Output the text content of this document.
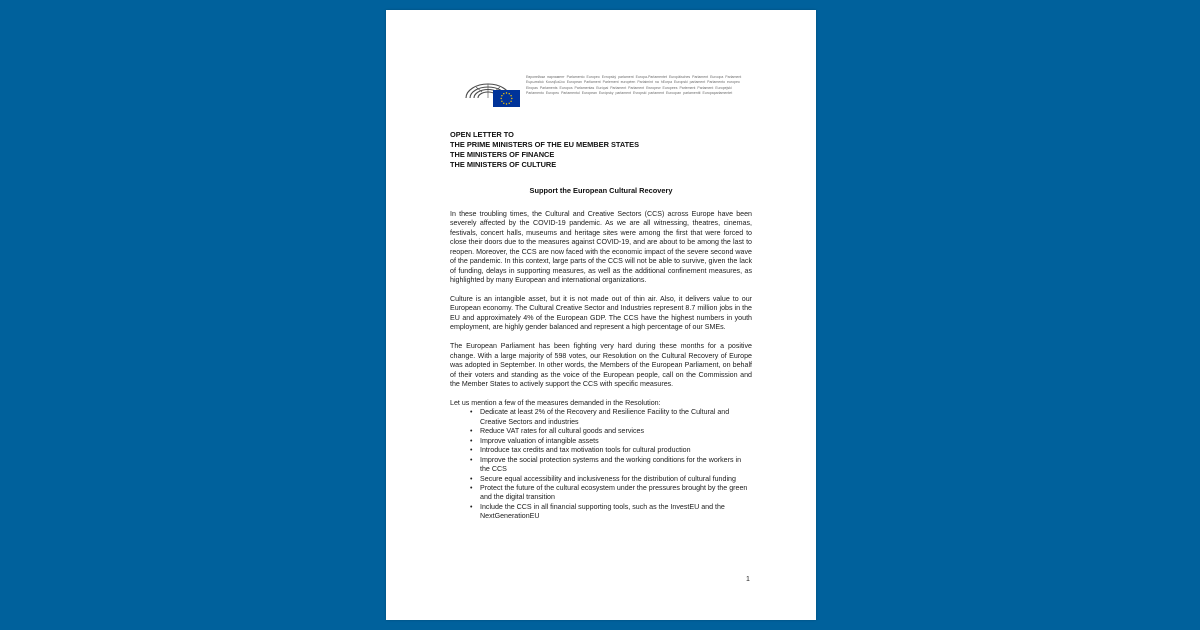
Европейски парламент Parlamento Europeo Evropský parlament Europa-Parlamentet Europäisches Parlament Euroopa Parlament Ευρωπαϊκό Κοινοβούλιο European Parliament Parlement européen Parlaimint na hEorpa Europski parlament Parlamento europeo Eiropas Parlaments Europos Parlamentas Európai Parlament Parlament Ewropew Europees Parlement Parlament Europejski Parlamento Europeu Parlamentul European Európsky parlament Evropski parlament Euroopan parlamentti Europaparlamentet
OPEN LETTER TO
THE PRIME MINISTERS OF THE EU MEMBER STATES
THE MINISTERS OF FINANCE
THE MINISTERS OF CULTURE
Support the European Cultural Recovery

In these troubling times, the Cultural and Creative Sectors (CCS) across Europe have been severely affected by the COVID-19 pandemic. As we are all witnessing, theatres, cinemas, festivals, concert halls, museums and heritage sites were among the first that were forced to close their doors due to the measures against COVID-19, and are about to be among the last to reopen. Moreover, the CCS are now faced with the economic impact of the severe second wave of the pandemic. In this context, large parts of the CCS will not be able to survive, given the lack of funding, delays in supporting measures, as well as the additional confinement measures, as highlighted by many European and international organizations.

Culture is an intangible asset, but it is not made out of thin air. Also, it delivers value to our European economy. The Cultural Creative Sector and Industries represent 8.7 million jobs in the EU and approximately 4% of the European GDP. The CCS have the highest numbers in youth employment, are highly gender balanced and represent a high percentage of our SMEs.

The European Parliament has been fighting very hard during these months for a positive change. With a large majority of 598 votes, our Resolution on the Cultural Recovery of Europe was adopted in September. In other words, the Members of the European Parliament, on behalf of their voters and standing as the voice of the European people, call on the Commission and the Member States to actively support the CCS with specific measures.

Let us mention a few of the measures demanded in the Resolution:

• Dedicate at least 2% of the Recovery and Resilience Facility to the Cultural and Creative Sectors and industries
• Reduce VAT rates for all cultural goods and services
• Improve valuation of intangible assets
• Introduce tax credits and tax motivation tools for cultural production
• Improve the social protection systems and the working conditions for the workers in the CCS
• Secure equal accessibility and inclusiveness for the distribution of cultural funding
• Protect the future of the cultural ecosystem under the pressures brought by the green and the digital transition
• Include the CCS in all financial supporting tools, such as the InvestEU and the NextGenerationEU
1
